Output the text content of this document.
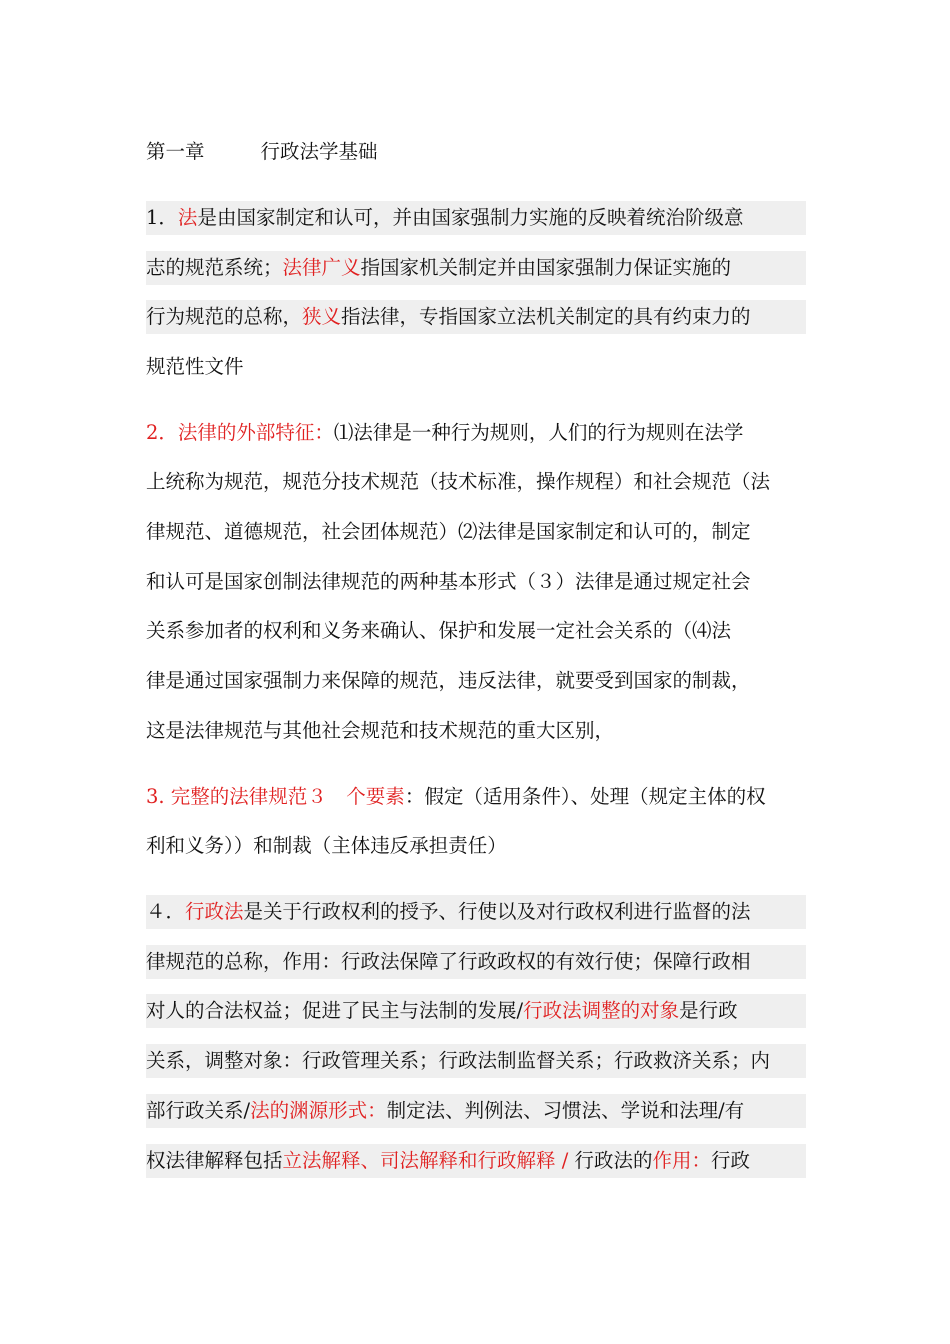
第一章	行政法学基础
1．法是由国家制定和认可，并由国家强制力实施的反映着统治阶级意
志的规范系统；法律广义指国家机关制定并由国家强制力保证实施的
行为规范的总称，狭义指法律，专指国家立法机关制定的具有约束力的
规范性文件
2．法律的外部特征：⑴法律是一种行为规则，人们的行为规则在法学
上统称为规范，规范分技术规范（技术标准，操作规程）和社会规范（法
律规范、道德规范，社会团体规范）⑵法律是国家制定和认可的，制定
和认可是国家创制法律规范的两种基本形式（３）法律是通过规定社会
关系参加者的权利和义务来确认、保护和发展一定社会关系的（⑷法
律是通过国家强制力来保障的规范，违反法律，就要受到国家的制裁，
这是法律规范与其他社会规范和技术规范的重大区别，
3. 完整的法律规范３　个要素：假定（适用条件）、处理（规定主体的权
利和义务））和制裁（主体违反承担责任）
４．行政法是关于行政权利的授予、行使以及对行政权利进行监督的法
律规范的总称，作用：行政法保障了行政政权的有效行使；保障行政相
对人的合法权益；促进了民主与法制的发展/行政法调整的对象是行政
关系，调整对象：行政管理关系；行政法制监督关系；行政救济关系；内
部行政关系/法的渊源形式：制定法、判例法、习惯法、学说和法理/有
权法律解释包括立法解释、司法解释和行政解释 / 行政法的作用：行政
